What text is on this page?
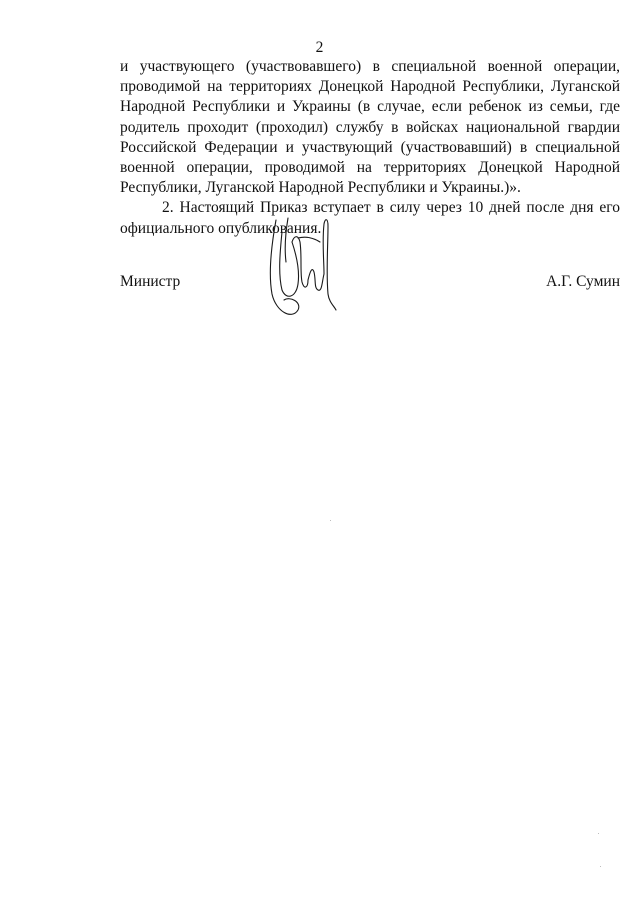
2

и участвующего (участвовавшего) в специальной военной операции, проводимой на территориях Донецкой Народной Республики, Луганской Народной Республики и Украины (в случае, если ребенок из семьи, где родитель проходит (проходил) службу в войсках национальной гвардии Российской Федерации и участвующий (участвовавший) в специальной военной операции, проводимой на территориях Донецкой Народной Республики, Луганской Народной Республики и Украины.)».

2. Настоящий Приказ вступает в силу через 10 дней после дня его официального опубликования.

Министр	А.Г. Сумин
